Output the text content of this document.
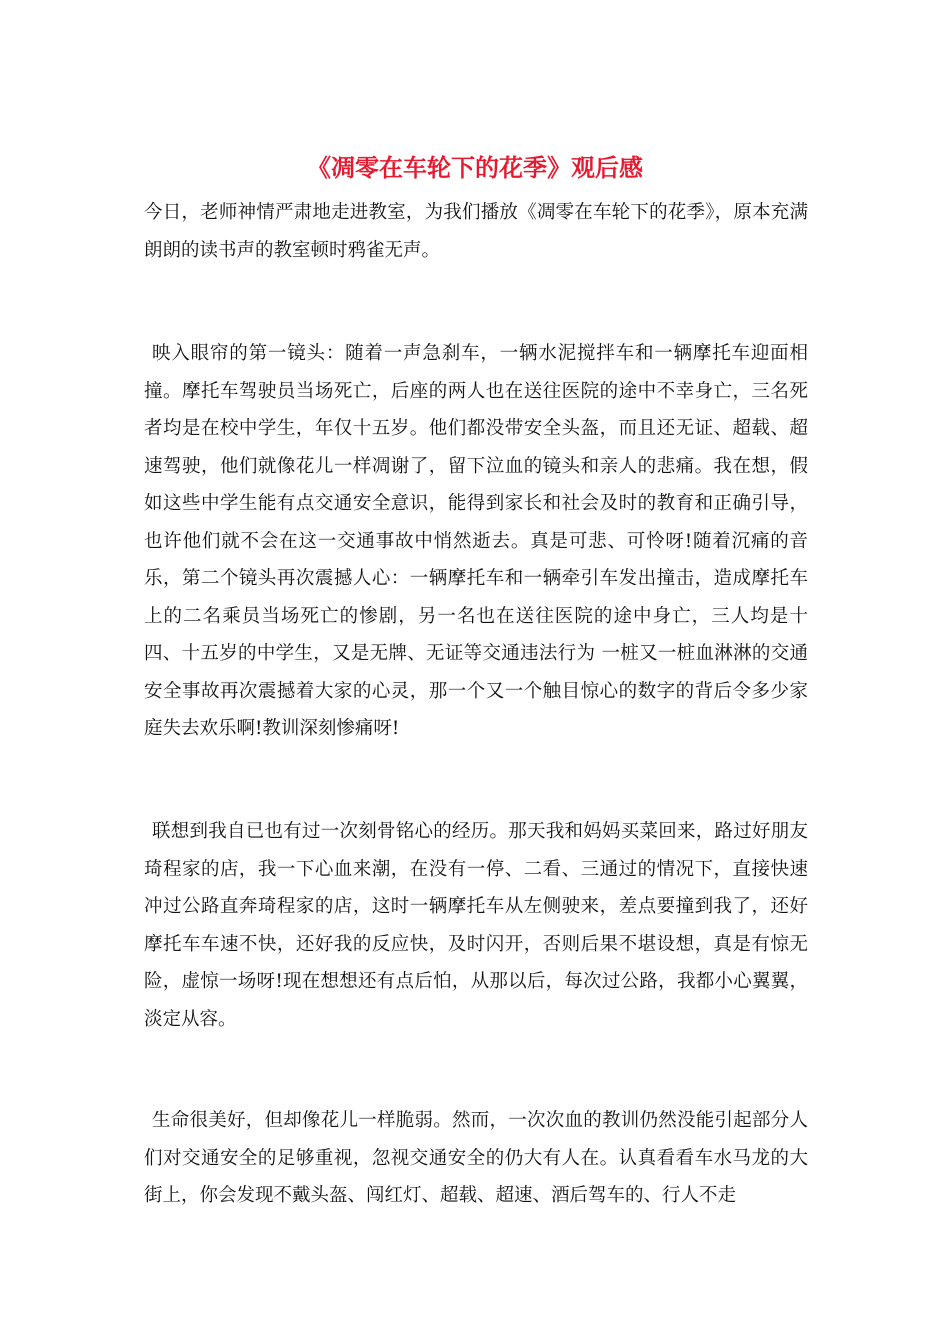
《凋零在车轮下的花季》观后感

今日，老师神情严肃地走进教室，为我们播放《凋零在车轮下的花季》，原本充满朗朗的读书声的教室顿时鸦雀无声。

映入眼帘的第一镜头：随着一声急刹车，一辆水泥搅拌车和一辆摩托车迎面相撞。摩托车驾驶员当场死亡，后座的两人也在送往医院的途中不幸身亡，三名死者均是在校中学生，年仅十五岁。他们都没带安全头盔，而且还无证、超载、超速驾驶，他们就像花儿一样凋谢了，留下泣血的镜头和亲人的悲痛。我在想，假如这些中学生能有点交通安全意识，能得到家长和社会及时的教育和正确引导，也许他们就不会在这一交通事故中悄然逝去。真是可悲、可怜呀!随着沉痛的音乐，第二个镜头再次震撼人心：一辆摩托车和一辆牵引车发出撞击，造成摩托车上的二名乘员当场死亡的惨剧，另一名也在送往医院的途中身亡，三人均是十四、十五岁的中学生，又是无牌、无证等交通违法行为 一桩又一桩血淋淋的交通安全事故再次震撼着大家的心灵，那一个又一个触目惊心的数字的背后令多少家庭失去欢乐啊!教训深刻惨痛呀!

联想到我自已也有过一次刻骨铭心的经历。那天我和妈妈买菜回来，路过好朋友琦程家的店，我一下心血来潮，在没有一停、二看、三通过的情况下，直接快速冲过公路直奔琦程家的店，这时一辆摩托车从左侧驶来，差点要撞到我了，还好摩托车车速不快，还好我的反应快，及时闪开，否则后果不堪设想，真是有惊无险，虚惊一场呀!现在想想还有点后怕，从那以后，每次过公路，我都小心翼翼，淡定从容。

生命很美好，但却像花儿一样脆弱。然而，一次次血的教训仍然没能引起部分人们对交通安全的足够重视，忽视交通安全的仍大有人在。认真看看车水马龙的大街上，你会发现不戴头盔、闯红灯、超载、超速、酒后驾车的、行人不走
